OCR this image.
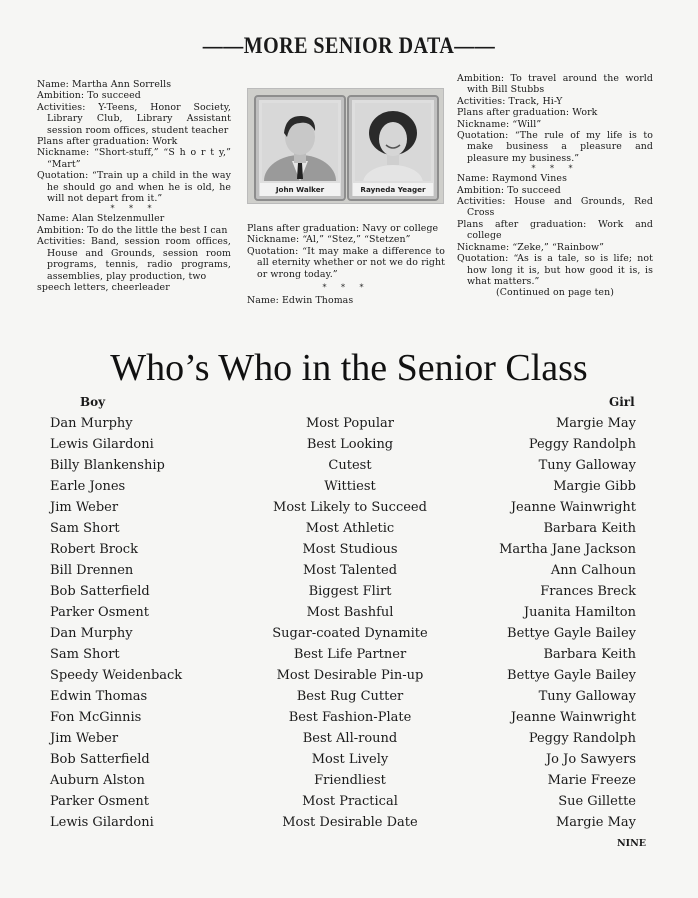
——MORE SENIOR DATA——

Name: Martha Ann Sorrells

Ambition: To succeed

Activities: Y-Teens, Honor Society, Library Club, Library Assistant session room offices, student teacher

Plans after graduation: Work

Nickname: “Short-stuff,” “S h o r t y,” “Mart”

Quotation: “Train up a child in the way he should go and when he is old, he will not depart from it.”

* * *

Name: Alan Stelzenmuller

Ambition: To do the little the best I can

Activities: Band, session room offices, House and Grounds, session room programs, tennis, radio programs, assemblies, play production, two

speech letters, cheerleader

John Walker	Rayneda Yeager

Plans after graduation: Navy or college

Nickname: “Al,” “Stez,” “Stetzen”

Quotation: “It may make a difference to all eternity whether or not we do right or wrong today.”

* * *

Name: Edwin Thomas

Ambition: To travel around the world with Bill Stubbs

Activities: Track, Hi-Y

Plans after graduation: Work

Nickname: “Will”

Quotation: “The rule of my life is to make business a pleasure and pleasure my business.”

* * *

Name: Raymond Vines

Ambition: To succeed

Activities: House and Grounds, Red Cross

Plans after graduation: Work and college

Nickname: “Zeke,” “Rainbow”

Quotation: “As is a tale, so is life; not how long it is, but how good it is, is what matters.”

(Continued on page ten)

Who’s Who in the Senior Class
Boy	Girl
Dan Murphy
Lewis Gilardoni
Billy Blankenship
Earle Jones
Jim Weber
Sam Short
Robert Brock
Bill Drennen
Bob Satterfield
Parker Osment
Dan Murphy
Sam Short
Speedy Weidenback
Edwin Thomas
Fon McGinnis
Jim Weber
Bob Satterfield
Auburn Alston
Parker Osment
Lewis Gilardoni
Most Popular
Best Looking
Cutest
Wittiest
Most Likely to Succeed
Most Athletic
Most Studious
Most Talented
Biggest Flirt
Most Bashful
Sugar-coated Dynamite
Best Life Partner
Most Desirable Pin-up
Best Rug Cutter
Best Fashion-Plate
Best All-round
Most Lively
Friendliest
Most Practical
Most Desirable Date
Margie May
Peggy Randolph
Tuny Galloway
Margie Gibb
Jeanne Wainwright
Barbara Keith
Martha Jane Jackson
Ann Calhoun
Frances Breck
Juanita Hamilton
Bettye Gayle Bailey
Barbara Keith
Bettye Gayle Bailey
Tuny Galloway
Jeanne Wainwright
Peggy Randolph
Jo Jo Sawyers
Marie Freeze
Sue Gillette
Margie May
NINE
